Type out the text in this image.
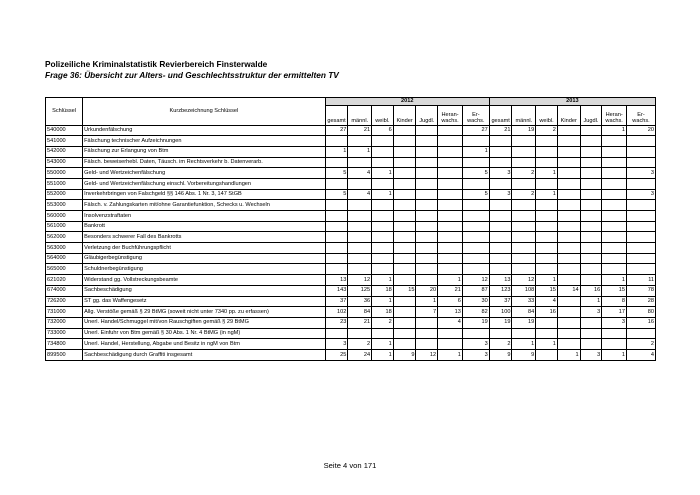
Polizeiliche Kriminalstatistik Revierbereich Finsterwalde
Frage 36: Übersicht zur Alters- und Geschlechtsstruktur der ermittelten TV
Schlüssel	Kurzbezeichnung Schlüssel	2012							2013						
		gesamt	männl.	weibl.	Kinder	Jugdl.	Heran- wachs.	Er- wachs.	gesamt	männl.	weibl.	Kinder	Jugdl.	Heran- wachs.	Er- wachs.
540000	Urkundenfälschung	27	21	6				27	21	19	2			1	20
541000	Fälschung technischer Aufzeichnungen														
542000	Fälschung zur Erlangung von Btm	1	1					1							
543000	Fälsch. beweiserhebl. Daten, Täusch. im Rechtsverkehr b. Datenverarb.														
550000	Geld- und Wertzeichenfälschung	5	4	1				5	3	2	1				3
551000	Geld- und Wertzeichenfälschung einschl. Vorbereitungshandlungen														
552000	Inverkehrbringen von Falschgeld §§ 146 Abs. 1 Nr. 3, 147 StGB	5	4	1				5	3	2	1				3
553000	Fälsch. v. Zahlungskarten mit/ohne Garantiefunktion, Schecks u. Wechseln														
560000	Insolvenzstraftaten														
561000	Bankrott														
562000	Besonders schwerer Fall des Bankrotts														
563000	Verletzung der Buchführungspflicht														
564000	Gläubigerbegünstigung														
565000	Schuldnerbegünstigung														
621020	Widerstand gg. Vollstreckungsbeamte	13	12	1			1	12	13	12	1			1	11
674000	Sachbeschädigung	143	125	18	15	20	21	87	123	108	15	14	16	15	78
726200	ST gg. das Waffengesetz	37	36	1		1	6	30	37	33	4		1	8	28
731000	Allg. Verstöße gemäß § 29 BtMG (soweit nicht unter 7340 pp. zu erfassen)	102	84	18		7	13	82	100	84	16		3	17	80
732000	Unerl. Handel/Schmuggel mit/von Rauschgiften gemäß § 29 BtMG	23	21	2			4	19	19	19				3	16
733000	Unerl. Einfuhr von Btm gemäß § 30 Abs. 1 Nr. 4 BtMG (in ngM)														
734800	Unerl. Handel, Herstellung, Abgabe und Besitz in ngM von Btm	3	2	1				3	2	1	1				2
899500	Sachbeschädigung durch Graffiti insgesamt	25	24	1	9	12	1	3	9	9		1	3	1	4
Seite 4 von 171
